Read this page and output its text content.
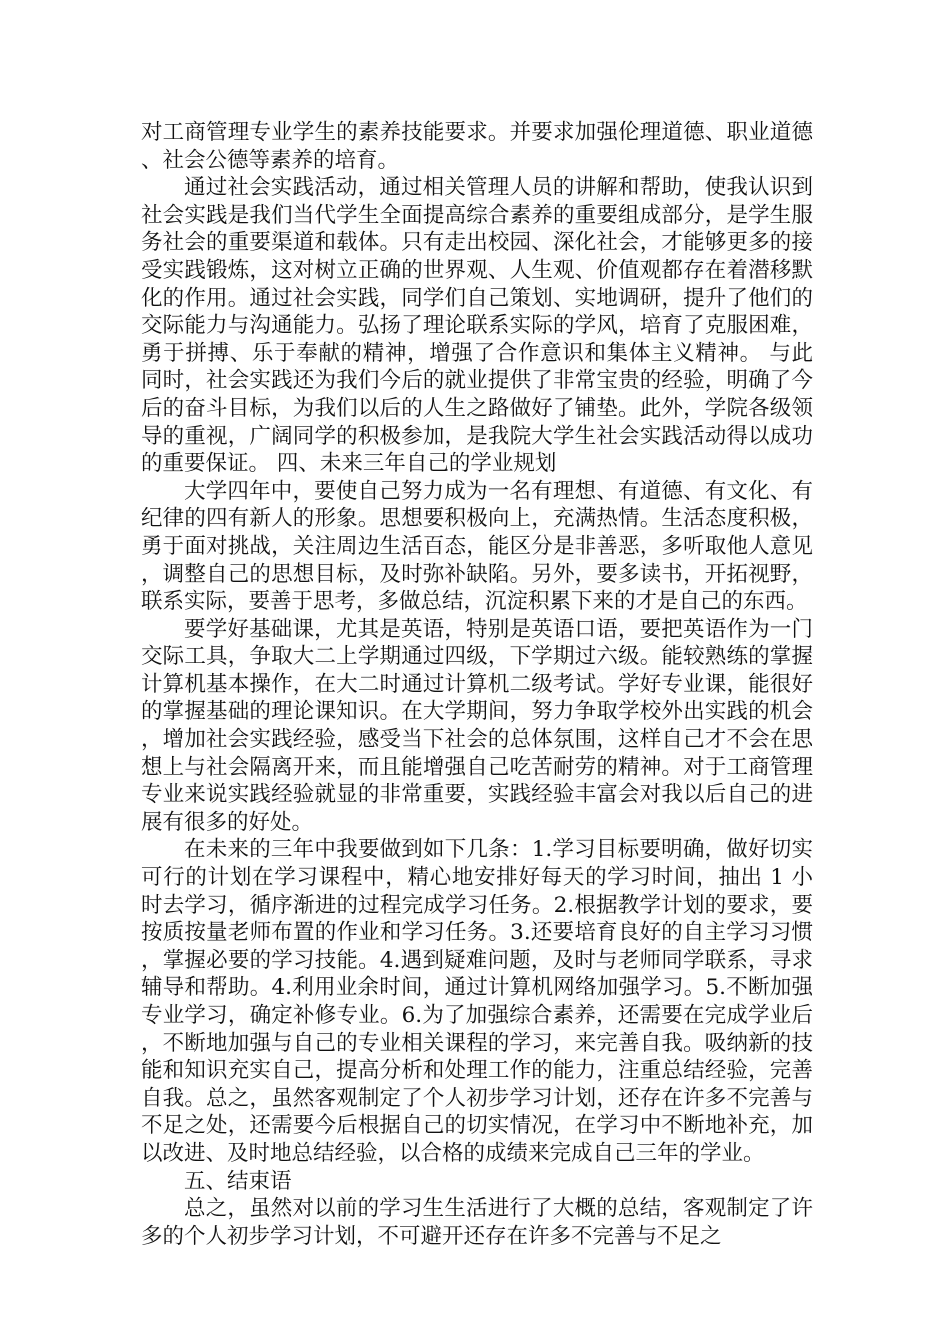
对工商管理专业学生的素养技能要求。并要求加强伦理道德、职业道德、社会公德等素养的培育。

通过社会实践活动，通过相关管理人员的讲解和帮助，使我认识到社会实践是我们当代学生全面提高综合素养的重要组成部分，是学生服务社会的重要渠道和载体。只有走出校园、深化社会，才能够更多的接受实践锻炼，这对树立正确的世界观、人生观、价值观都存在着潜移默化的作用。通过社会实践，同学们自己策划、实地调研，提升了他们的交际能力与沟通能力。弘扬了理论联系实际的学风，培育了克服困难，勇于拼搏、乐于奉献的精神，增强了合作意识和集体主义精神。 与此同时，社会实践还为我们今后的就业提供了非常宝贵的经验，明确了今后的奋斗目标，为我们以后的人生之路做好了铺垫。此外，学院各级领导的重视，广阔同学的积极参加，是我院大学生社会实践活动得以成功的重要保证。 四、未来三年自己的学业规划

大学四年中，要使自己努力成为一名有理想、有道德、有文化、有纪律的四有新人的形象。思想要积极向上，充满热情。生活态度积极，勇于面对挑战，关注周边生活百态，能区分是非善恶，多听取他人意见，调整自己的思想目标，及时弥补缺陷。另外，要多读书，开拓视野，联系实际，要善于思考，多做总结，沉淀积累下来的才是自己的东西。

要学好基础课，尤其是英语，特别是英语口语，要把英语作为一门交际工具，争取大二上学期通过四级，下学期过六级。能较熟练的掌握计算机基本操作，在大二时通过计算机二级考试。学好专业课，能很好的掌握基础的理论课知识。在大学期间，努力争取学校外出实践的机会，增加社会实践经验，感受当下社会的总体氛围，这样自己才不会在思想上与社会隔离开来，而且能增强自己吃苦耐劳的精神。对于工商管理专业来说实践经验就显的非常重要，实践经验丰富会对我以后自己的进展有很多的好处。

在未来的三年中我要做到如下几条：1.学习目标要明确，做好切实可行的计划在学习课程中，精心地安排好每天的学习时间，抽出 1 小时去学习，循序渐进的过程完成学习任务。2.根据教学计划的要求，要按质按量老师布置的作业和学习任务。3.还要培育良好的自主学习习惯，掌握必要的学习技能。4.遇到疑难问题，及时与老师同学联系，寻求辅导和帮助。4.利用业余时间，通过计算机网络加强学习。5.不断加强专业学习，确定补修专业。6.为了加强综合素养，还需要在完成学业后，不断地加强与自己的专业相关课程的学习，来完善自我。吸纳新的技能和知识充实自己，提高分析和处理工作的能力，注重总结经验，完善自我。总之，虽然客观制定了个人初步学习计划，还存在许多不完善与不足之处，还需要今后根据自己的切实情况，在学习中不断地补充，加以改进、及时地总结经验，以合格的成绩来完成自己三年的学业。

五、结束语

总之，虽然对以前的学习生生活进行了大概的总结，客观制定了许多的个人初步学习计划，不可避开还存在许多不完善与不足之
